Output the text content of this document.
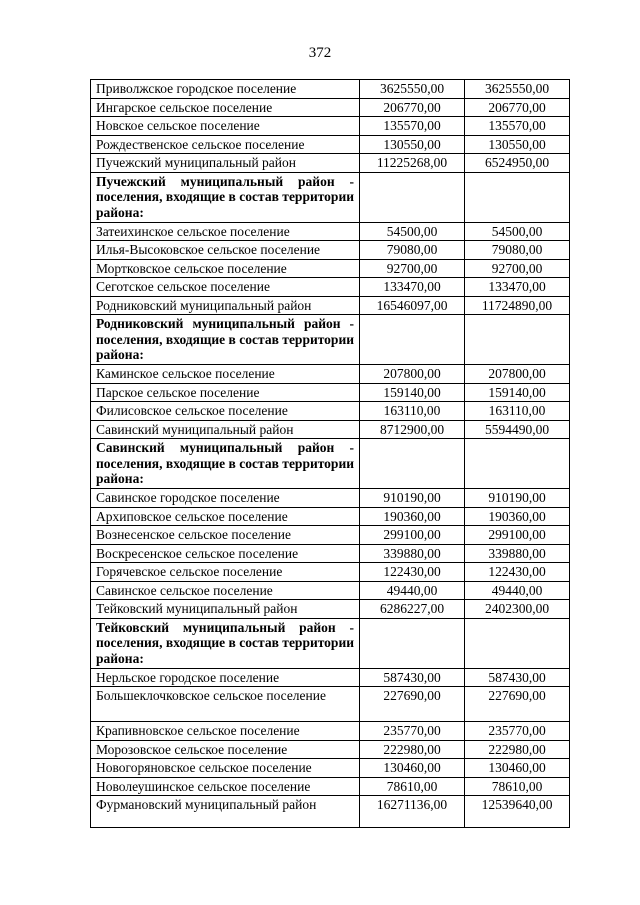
372
Приволжское городское поселение	3625550,00	3625550,00
Ингарское сельское поселение	206770,00	206770,00
Новское сельское поселение	135570,00	135570,00
Рождественское сельское поселение	130550,00	130550,00
Пучежский муниципальный район	11225268,00	6524950,00
Пучежский муниципальный район - поселения, входящие в состав территории района:		
Затеихинское сельское поселение	54500,00	54500,00
Илья-Высоковское сельское поселение	79080,00	79080,00
Мортковское сельское поселение	92700,00	92700,00
Сеготское сельское поселение	133470,00	133470,00
Родниковский муниципальный район	16546097,00	11724890,00
Родниковский муниципальный район - поселения, входящие в состав территории района:		
Каминское сельское поселение	207800,00	207800,00
Парское сельское поселение	159140,00	159140,00
Филисовское сельское поселение	163110,00	163110,00
Савинский муниципальный район	8712900,00	5594490,00
Савинский муниципальный район - поселения, входящие в состав территории района:		
Савинское городское поселение	910190,00	910190,00
Архиповское сельское поселение	190360,00	190360,00
Вознесенское сельское поселение	299100,00	299100,00
Воскресенское сельское поселение	339880,00	339880,00
Горячевское сельское поселение	122430,00	122430,00
Савинское сельское поселение	49440,00	49440,00
Тейковский муниципальный район	6286227,00	2402300,00
Тейковский муниципальный район - поселения, входящие в состав территории района:		
Нерльское городское поселение	587430,00	587430,00
Большеклочковское сельское поселение	227690,00	227690,00
Крапивновское сельское поселение	235770,00	235770,00
Морозовское сельское поселение	222980,00	222980,00
Новогоряновское сельское поселение	130460,00	130460,00
Новолеушинское сельское поселение	78610,00	78610,00
Фурмановский муниципальный район	16271136,00	12539640,00
